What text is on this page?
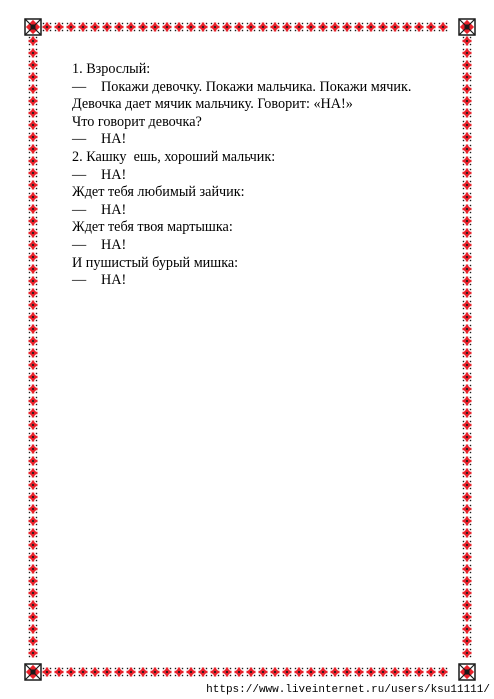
1. Взрослый:
— Покажи девочку. Покажи мальчика. Покажи мячик.
Девочка дает мячик мальчику. Говорит: «НА!»
Что говорит девочка?
— НА!
2. Кашку  ешь, хороший мальчик:
— НА!
Ждет тебя любимый зайчик:
— НА!
Ждет тебя твоя мартышка:
— НА!
И пушистый бурый мишка:
— НА!
https://www.liveinternet.ru/users/ksu11111/
